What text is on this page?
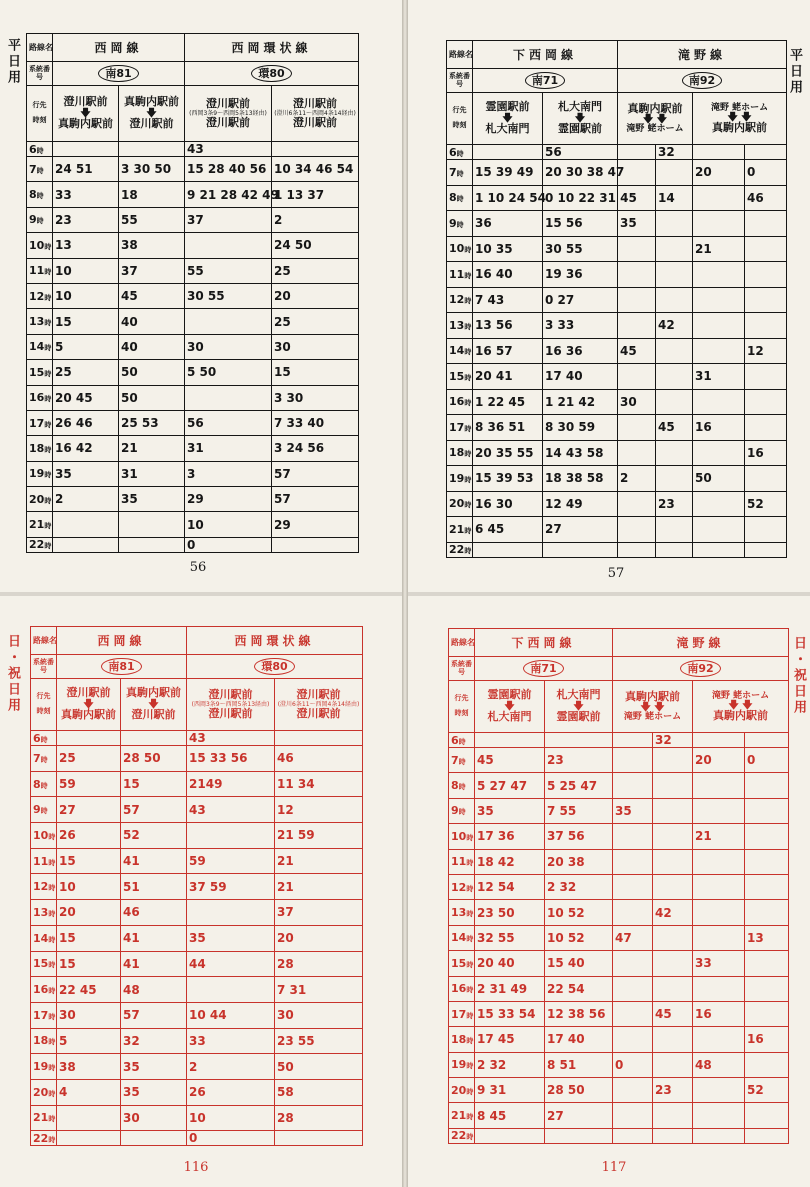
平日用 路線名	西岡線		西岡環状線	
系統番号	南81		環80	
行先

時刻	澄川駅前
🡇
真駒内駅前	真駒内駅前
🡇
澄川駅前	澄川駅前
(西岡3条9〜西岡5条13経由)
澄川駅前	澄川駅前
(澄川6条11〜西岡4条14経由)
澄川駅前

6時			43	
7時	24 51	3 30 50	15 28 40 56	10 34 46 54
8時	33	18	9 21 28 42 49	1 13 37
9時	23	55	37	2
10時	13	38		24 50
11時	10	37	55	25
12時	10	45	30 55	20
13時	15	40		25
14時	5	40	30	30
15時	25	50	5 50	15
16時	20 45	50		3 30
17時	26 46	25 53	56	7 33 40
18時	16 42	21	31	3 24 56
19時	35	31	3	57
20時	2	35	29	57
21時			10	29
22時			0	
56
路線名	下西岡線		滝野線			
系統番号	南71		南92			
行先

時刻	霊園駅前
🡇
札大南門	札大南門
🡇
霊園駅前	真駒内駅前
🡇 🡇
滝野 蛯ホーム		滝野 蛯ホーム
🡇 🡇
真駒内駅前	

6時		56		32		
7時	15 39 49	20 30 38 47			20	0
8時	1 10 24 54	0 10 22 31 45		14		46
9時	36	15 56	35			
10時	10 35	30 55			21	
11時	16 40	19 36				
12時	7 43	0 27				
13時	13 56	3 33		42		
14時	16 57	16 36	45			12
15時	20 41	17 40			31	
16時	1 22 45	1 21 42	30			
17時	8 36 51	8 30 59		45	16	
18時	20 35 55	14 43 58				16
19時	15 39 53	18 38 58	2		50	
20時	16 30	12 49		23		52
21時	6 45	27				
22時						
平日用
57
日・祝日用 路線名	西岡線		西岡環状線	
系統番号	南81		環80	
行先

時刻	澄川駅前
🡇
真駒内駅前	真駒内駅前
🡇
澄川駅前	澄川駅前
(西岡3条9〜西岡5条13経由)
澄川駅前	澄川駅前
(澄川6条11〜西岡4条14経由)
澄川駅前

6時			43	
7時	25	28 50	15 33 56	46
8時	59	15	2149	11 34
9時	27	57	43	12
10時	26	52		21 59
11時	15	41	59	21
12時	10	51	37 59	21
13時	20	46		37
14時	15	41	35	20
15時	15	41	44	28
16時	22 45	48		7 31
17時	30	57	10 44	30
18時	5	32	33	23 55
19時	38	35	2	50
20時	4	35	26	58
21時		30	10	28
22時			0	
116
路線名	下西岡線		滝野線			
系統番号	南71		南92			
行先

時刻	霊園駅前
🡇
札大南門	札大南門
🡇
霊園駅前	真駒内駅前
🡇 🡇
滝野 蛯ホーム		滝野 蛯ホーム
🡇 🡇
真駒内駅前	

6時				32		
7時	45	23			20	0
8時	5 27 47	5 25 47				
9時	35	7 55	35			
10時	17 36	37 56			21	
11時	18 42	20 38				
12時	12 54	2 32				
13時	23 50	10 52		42		
14時	32 55	10 52	47			13
15時	20 40	15 40			33	
16時	2 31 49	22 54				
17時	15 33 54	12 38 56		45	16	
18時	17 45	17 40				16
19時	2 32	8 51	0		48	
20時	9 31	28 50		23		52
21時	8 45	27				
22時						
日・祝日用
117
